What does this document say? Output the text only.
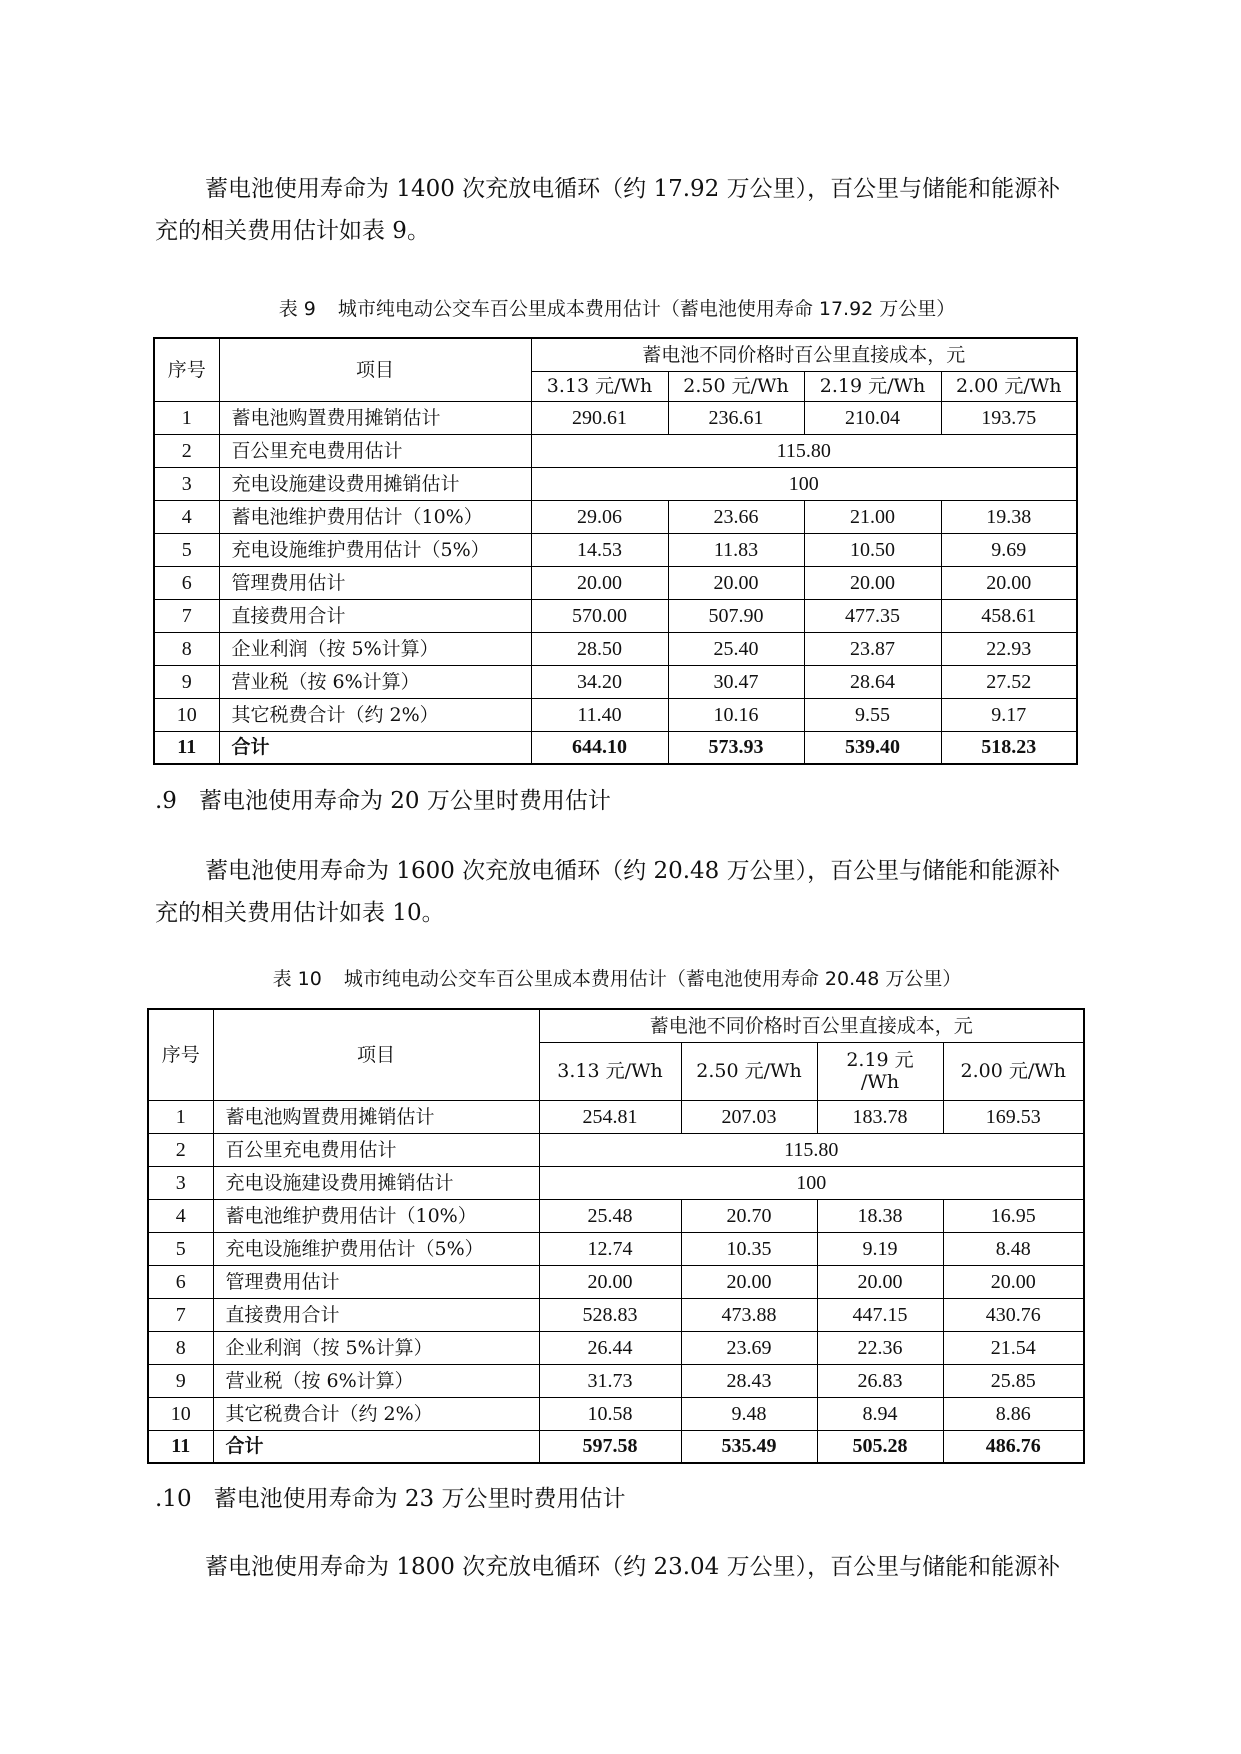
蓄电池使用寿命为 1400 次充放电循环（约 17.92 万公里），百公里与储能和能源补
充的相关费用估计如表 9。

表 9 城市纯电动公交车百公里成本费用估计（蓄电池使用寿命 17.92 万公里）
序号	项目	蓄电池不同价格时百公里直接成本，元			
		3.13 元/Wh	2.50 元/Wh	2.19 元/Wh	2.00 元/Wh
1	蓄电池购置费用摊销估计	290.61	236.61	210.04	193.75
2	百公里充电费用估计	115.80			
3	充电设施建设费用摊销估计	100			
4	蓄电池维护费用估计（10%）	29.06	23.66	21.00	19.38
5	充电设施维护费用估计（5%）	14.53	11.83	10.50	9.69
6	管理费用估计	20.00	20.00	20.00	20.00
7	直接费用合计	570.00	507.90	477.35	458.61
8	企业利润（按 5%计算）	28.50	25.40	23.87	22.93
9	营业税（按 6%计算）	34.20	30.47	28.64	27.52
10	其它税费合计（约 2%）	11.40	10.16	9.55	9.17
11	合计	644.10	573.93	539.40	518.23

.9 蓄电池使用寿命为 20 万公里时费用估计

蓄电池使用寿命为 1600 次充放电循环（约 20.48 万公里），百公里与储能和能源补
充的相关费用估计如表 10。

表 10 城市纯电动公交车百公里成本费用估计（蓄电池使用寿命 20.48 万公里）
序号	项目	蓄电池不同价格时百公里直接成本，元			
		3.13 元/Wh	2.50 元/Wh	2.19 元 /Wh	2.00 元/Wh
1	蓄电池购置费用摊销估计	254.81	207.03	183.78	169.53
2	百公里充电费用估计	115.80			
3	充电设施建设费用摊销估计	100			
4	蓄电池维护费用估计（10%）	25.48	20.70	18.38	16.95
5	充电设施维护费用估计（5%）	12.74	10.35	9.19	8.48
6	管理费用估计	20.00	20.00	20.00	20.00
7	直接费用合计	528.83	473.88	447.15	430.76
8	企业利润（按 5%计算）	26.44	23.69	22.36	21.54
9	营业税（按 6%计算）	31.73	28.43	26.83	25.85
10	其它税费合计（约 2%）	10.58	9.48	8.94	8.86
11	合计	597.58	535.49	505.28	486.76

.10 蓄电池使用寿命为 23 万公里时费用估计

蓄电池使用寿命为 1800 次充放电循环（约 23.04 万公里），百公里与储能和能源补
